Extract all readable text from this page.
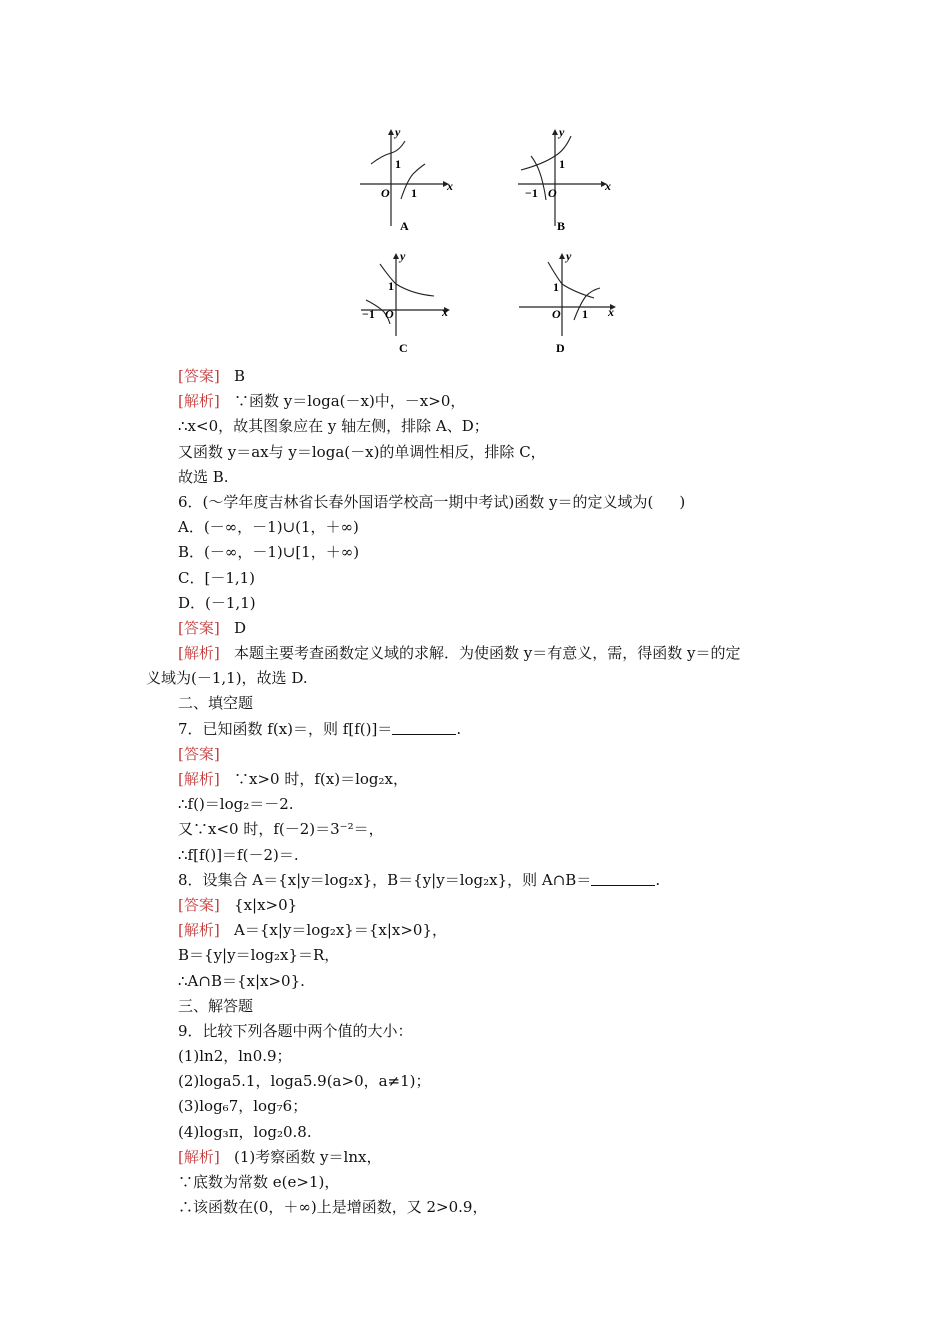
y
x
O
1
1
A
y
x
O
1
−1
B
y
x
O
1
−1
C
y
x
O
1
1
D
[答案] B
[解析] ∵函数 y＝loga(－x)中，－x>0，
∴x<0，故其图象应在 y 轴左侧，排除 A、D；
又函数 y＝ax与 y＝loga(－x)的单调性相反，排除 C，
故选 B.
6．(～学年度吉林省长春外国语学校高一期中考试)函数 y＝的定义域为( )
A．(－∞，－1)∪(1，＋∞)
B．(－∞，－1)∪[1，＋∞)
C．[－1,1)
D．(－1,1)
[答案] D
[解析] 本题主要考查函数定义域的求解．为使函数 y＝有意义，需，得函数 y＝的定
义域为(－1,1)，故选 D.
二、填空题
7．已知函数 f(x)＝，则 f[f()]＝	.
[答案]
[解析] ∵x>0 时，f(x)＝log₂x，
∴f()＝log₂＝－2.
又∵x<0 时，f(－2)＝3⁻²＝，
∴f[f()]＝f(－2)＝.
8．设集合 A＝{x|y＝log₂x}，B＝{y|y＝log₂x}，则 A∩B＝	.
[答案] {x|x>0}
[解析] A＝{x|y＝log₂x}＝{x|x>0}，
B＝{y|y＝log₂x}＝R，
∴A∩B＝{x|x>0}.
三、解答题
9．比较下列各题中两个值的大小：
(1)ln2，ln0.9；
(2)loga5.1，loga5.9(a>0，a≠1)；
(3)log₆7，log₇6；
(4)log₃π，log₂0.8.
[解析] (1)考察函数 y＝lnx，
∵底数为常数 e(e>1)，
∴该函数在(0，＋∞)上是增函数，又 2>0.9，
